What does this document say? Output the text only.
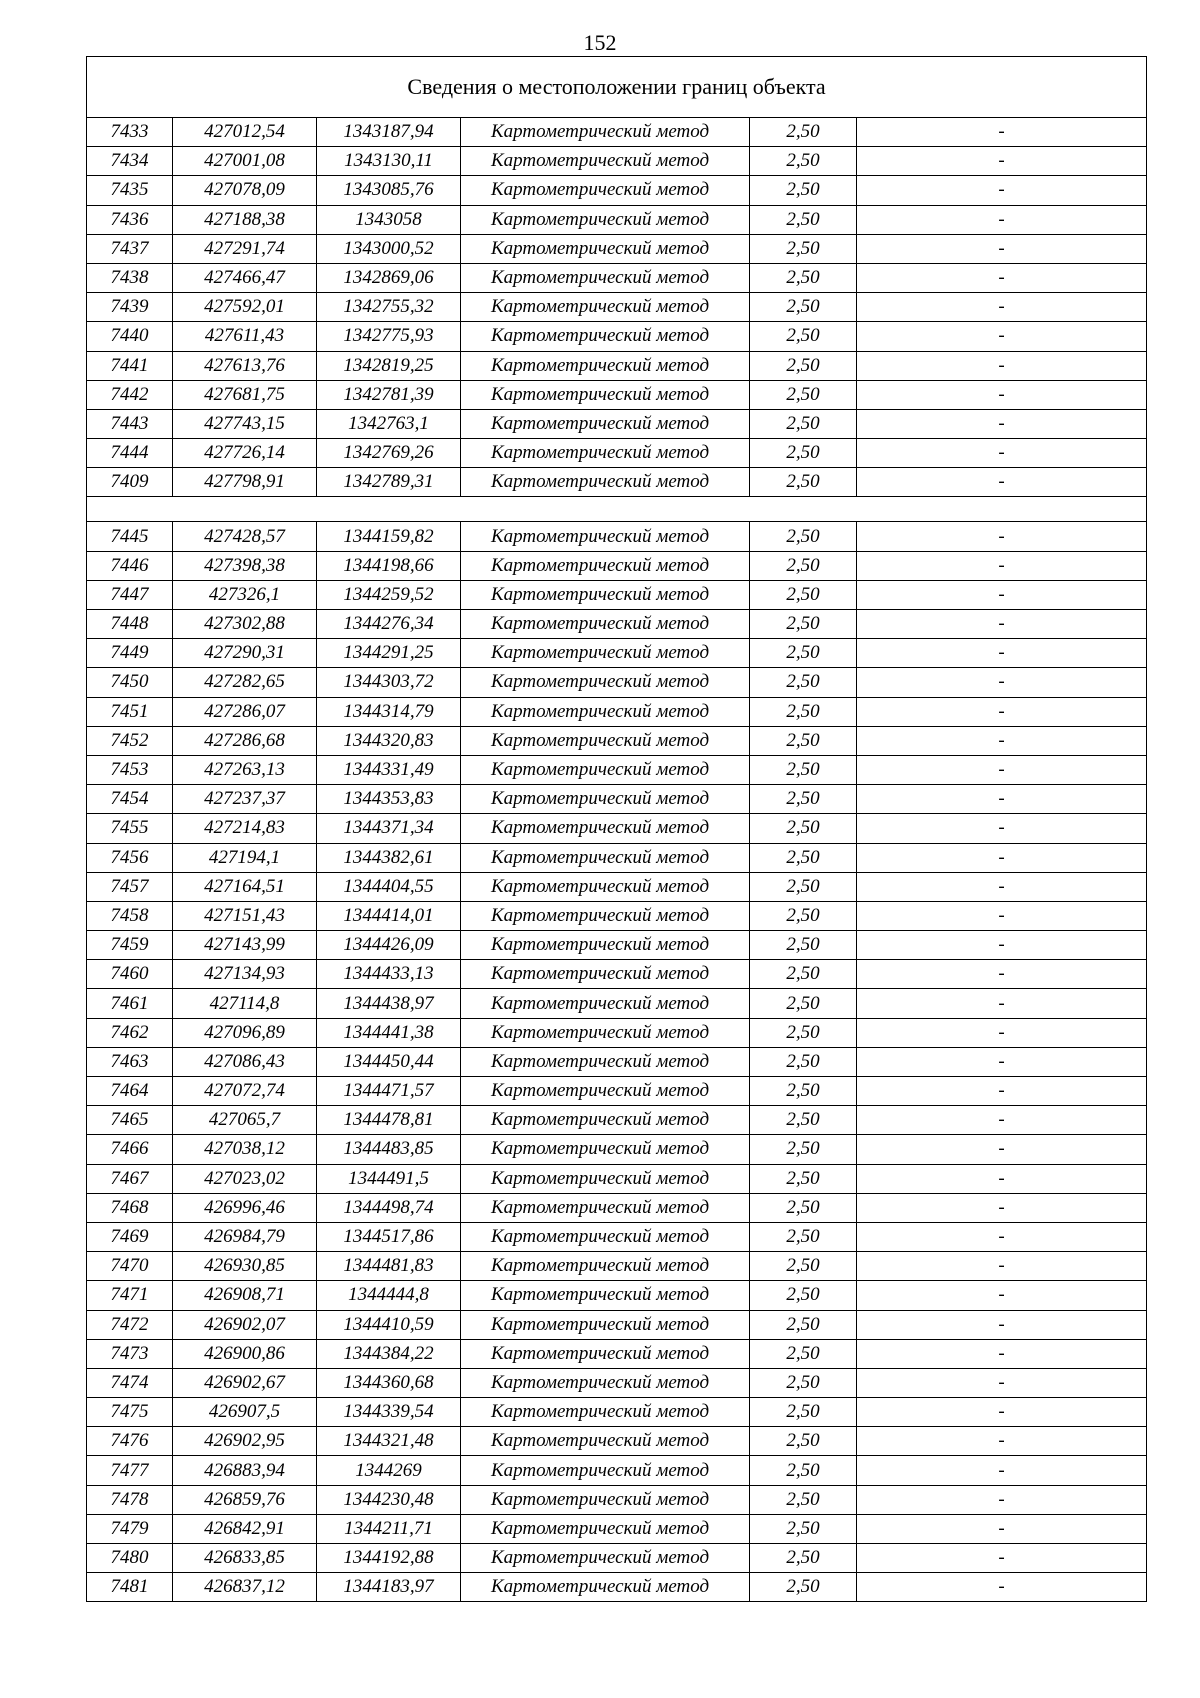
152
Сведения о местоположении границ объекта					
7433	427012,54	1343187,94	Картометрический метод	2,50	-
7434	427001,08	1343130,11	Картометрический метод	2,50	-
7435	427078,09	1343085,76	Картометрический метод	2,50	-
7436	427188,38	1343058	Картометрический метод	2,50	-
7437	427291,74	1343000,52	Картометрический метод	2,50	-
7438	427466,47	1342869,06	Картометрический метод	2,50	-
7439	427592,01	1342755,32	Картометрический метод	2,50	-
7440	427611,43	1342775,93	Картометрический метод	2,50	-
7441	427613,76	1342819,25	Картометрический метод	2,50	-
7442	427681,75	1342781,39	Картометрический метод	2,50	-
7443	427743,15	1342763,1	Картометрический метод	2,50	-
7444	427726,14	1342769,26	Картометрический метод	2,50	-
7409	427798,91	1342789,31	Картометрический метод	2,50	-

7445	427428,57	1344159,82	Картометрический метод	2,50	-
7446	427398,38	1344198,66	Картометрический метод	2,50	-
7447	427326,1	1344259,52	Картометрический метод	2,50	-
7448	427302,88	1344276,34	Картометрический метод	2,50	-
7449	427290,31	1344291,25	Картометрический метод	2,50	-
7450	427282,65	1344303,72	Картометрический метод	2,50	-
7451	427286,07	1344314,79	Картометрический метод	2,50	-
7452	427286,68	1344320,83	Картометрический метод	2,50	-
7453	427263,13	1344331,49	Картометрический метод	2,50	-
7454	427237,37	1344353,83	Картометрический метод	2,50	-
7455	427214,83	1344371,34	Картометрический метод	2,50	-
7456	427194,1	1344382,61	Картометрический метод	2,50	-
7457	427164,51	1344404,55	Картометрический метод	2,50	-
7458	427151,43	1344414,01	Картометрический метод	2,50	-
7459	427143,99	1344426,09	Картометрический метод	2,50	-
7460	427134,93	1344433,13	Картометрический метод	2,50	-
7461	427114,8	1344438,97	Картометрический метод	2,50	-
7462	427096,89	1344441,38	Картометрический метод	2,50	-
7463	427086,43	1344450,44	Картометрический метод	2,50	-
7464	427072,74	1344471,57	Картометрический метод	2,50	-
7465	427065,7	1344478,81	Картометрический метод	2,50	-
7466	427038,12	1344483,85	Картометрический метод	2,50	-
7467	427023,02	1344491,5	Картометрический метод	2,50	-
7468	426996,46	1344498,74	Картометрический метод	2,50	-
7469	426984,79	1344517,86	Картометрический метод	2,50	-
7470	426930,85	1344481,83	Картометрический метод	2,50	-
7471	426908,71	1344444,8	Картометрический метод	2,50	-
7472	426902,07	1344410,59	Картометрический метод	2,50	-
7473	426900,86	1344384,22	Картометрический метод	2,50	-
7474	426902,67	1344360,68	Картометрический метод	2,50	-
7475	426907,5	1344339,54	Картометрический метод	2,50	-
7476	426902,95	1344321,48	Картометрический метод	2,50	-
7477	426883,94	1344269	Картометрический метод	2,50	-
7478	426859,76	1344230,48	Картометрический метод	2,50	-
7479	426842,91	1344211,71	Картометрический метод	2,50	-
7480	426833,85	1344192,88	Картометрический метод	2,50	-
7481	426837,12	1344183,97	Картометрический метод	2,50	-
